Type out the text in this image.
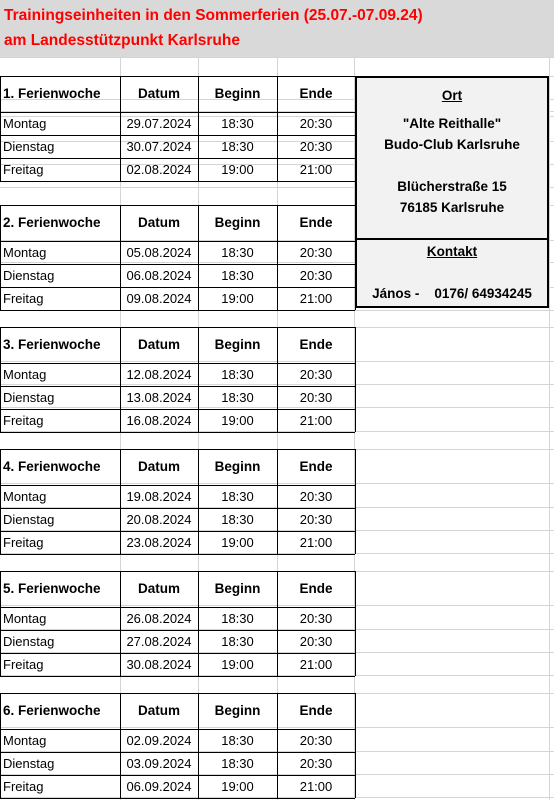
Trainingseinheiten in den Sommerferien (25.07.-07.09.24)
am Landesstützpunkt Karlsruhe
1. Ferienwoche	Datum	Beginn	Ende
Montag	29.07.2024	18:30	20:30
Dienstag	30.07.2024	18:30	20:30
Freitag	02.08.2024	19:00	21:00
2. Ferienwoche	Datum	Beginn	Ende
Montag	05.08.2024	18:30	20:30
Dienstag	06.08.2024	18:30	20:30
Freitag	09.08.2024	19:00	21:00
3. Ferienwoche	Datum	Beginn	Ende
Montag	12.08.2024	18:30	20:30
Dienstag	13.08.2024	18:30	20:30
Freitag	16.08.2024	19:00	21:00
4. Ferienwoche	Datum	Beginn	Ende
Montag	19.08.2024	18:30	20:30
Dienstag	20.08.2024	18:30	20:30
Freitag	23.08.2024	19:00	21:00
5. Ferienwoche	Datum	Beginn	Ende
Montag	26.08.2024	18:30	20:30
Dienstag	27.08.2024	18:30	20:30
Freitag	30.08.2024	19:00	21:00
6. Ferienwoche	Datum	Beginn	Ende
Montag	02.09.2024	18:30	20:30
Dienstag	03.09.2024	18:30	20:30
Freitag	06.09.2024	19:00	21:00
Ort
"Alte Reithalle"
Budo-Club Karlsruhe
Blücherstraße 15
76185 Karlsruhe
Kontakt
János -    0176/ 64934245
